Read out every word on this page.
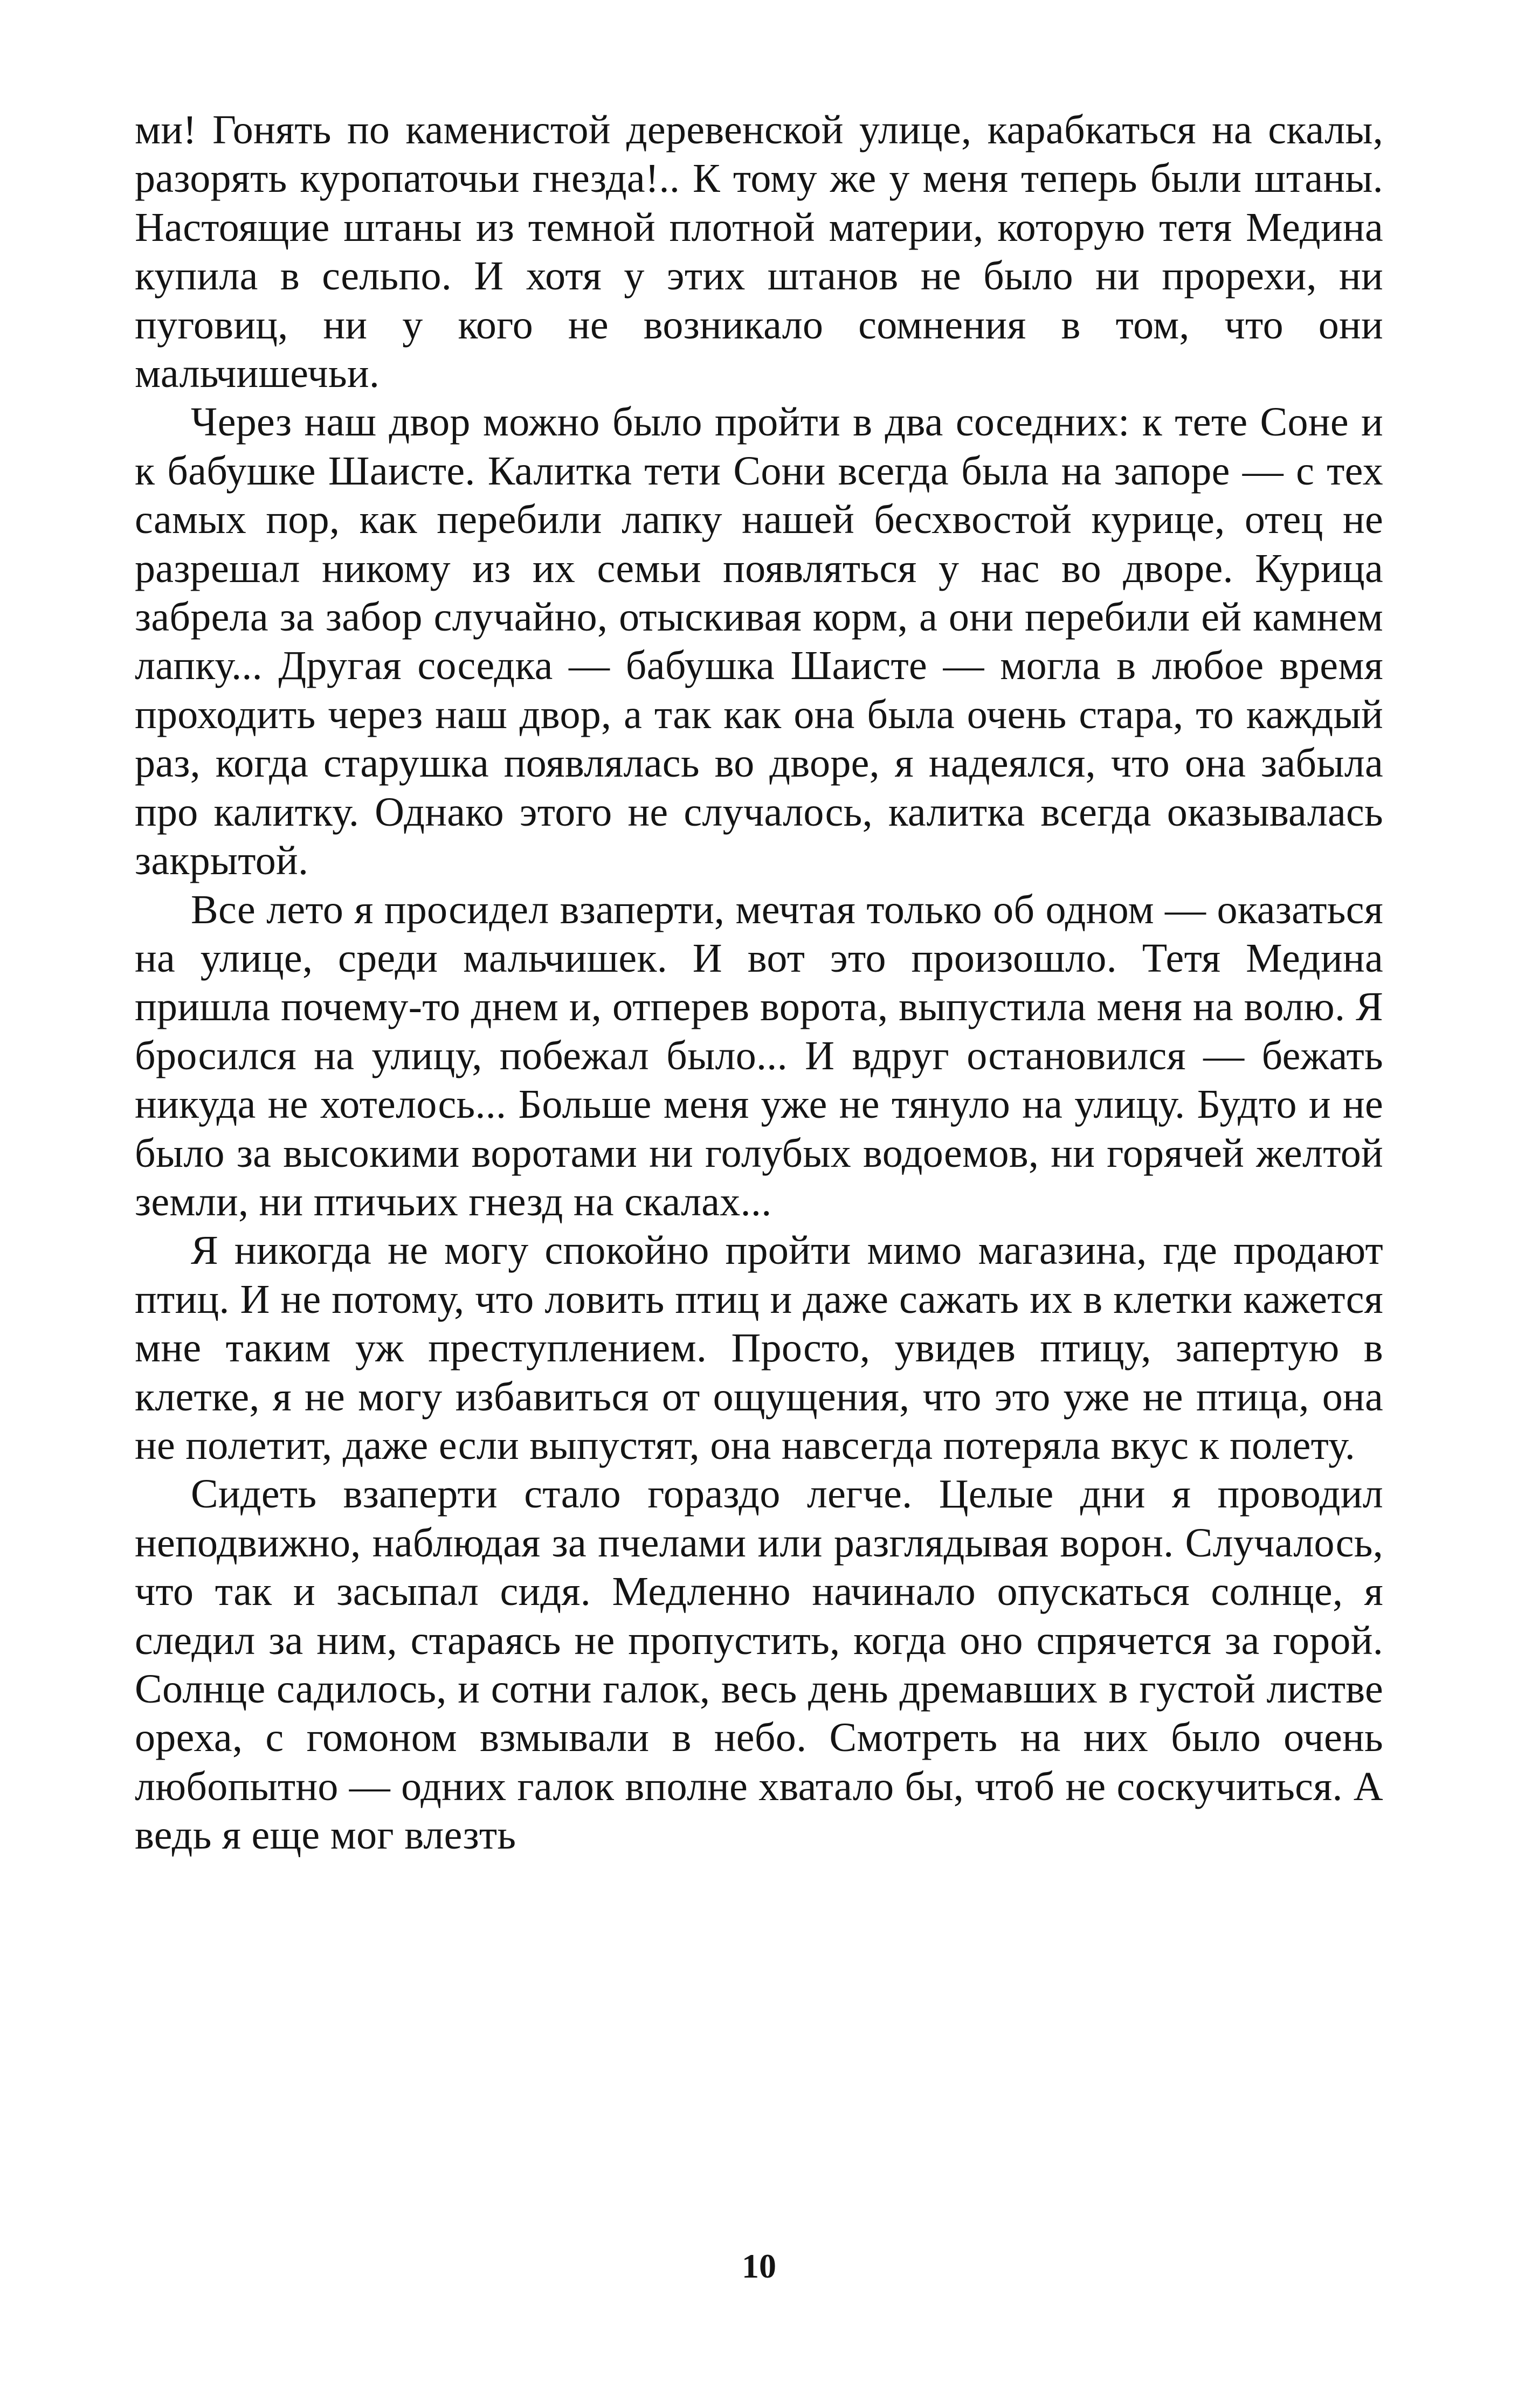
ми! Гонять по каменистой деревенской улице, карабкаться на скалы, разорять куропаточьи гнезда!.. К тому же у меня теперь были штаны. Настоящие штаны из темной плотной материи, которую тетя Медина купила в сельпо. И хотя у этих штанов не было ни прорехи, ни пуговиц, ни у кого не возникало сомнения в том, что они мальчишечьи.

Через наш двор можно было пройти в два соседних: к тете Соне и к бабушке Шаисте. Калитка тети Сони всегда была на запоре — с тех самых пор, как перебили лапку нашей бесхвостой курице, отец не разрешал никому из их семьи появляться у нас во дворе. Курица забрела за забор случайно, отыскивая корм, а они перебили ей камнем лапку... Другая соседка — бабушка Шаисте — могла в любое время проходить через наш двор, а так как она была очень стара, то каждый раз, когда старушка появлялась во дворе, я надеялся, что она забыла про калитку. Однако этого не случалось, калитка всегда оказывалась закрытой.

Все лето я просидел взаперти, мечтая только об одном — оказаться на улице, среди мальчишек. И вот это произошло. Тетя Медина пришла почему-то днем и, отперев ворота, выпустила меня на волю. Я бросился на улицу, побежал было... И вдруг остановился — бежать никуда не хотелось... Больше меня уже не тянуло на улицу. Будто и не было за высокими воротами ни голубых водоемов, ни горячей желтой земли, ни птичьих гнезд на скалах...

Я никогда не могу спокойно пройти мимо магазина, где продают птиц. И не потому, что ловить птиц и даже сажать их в клетки кажется мне таким уж преступлением. Просто, увидев птицу, запертую в клетке, я не могу избавиться от ощущения, что это уже не птица, она не полетит, даже если выпустят, она навсегда потеряла вкус к полету.

Сидеть взаперти стало гораздо легче. Целые дни я проводил неподвижно, наблюдая за пчелами или разглядывая ворон. Случалось, что так и засыпал сидя. Медленно начинало опускаться солнце, я следил за ним, стараясь не пропустить, когда оно спрячется за горой. Солнце садилось, и сотни галок, весь день дремавших в густой листве ореха, с гомоном взмывали в небо. Смотреть на них было очень любопытно — одних галок вполне хватало бы, чтоб не соскучиться. А ведь я еще мог влезть

10
